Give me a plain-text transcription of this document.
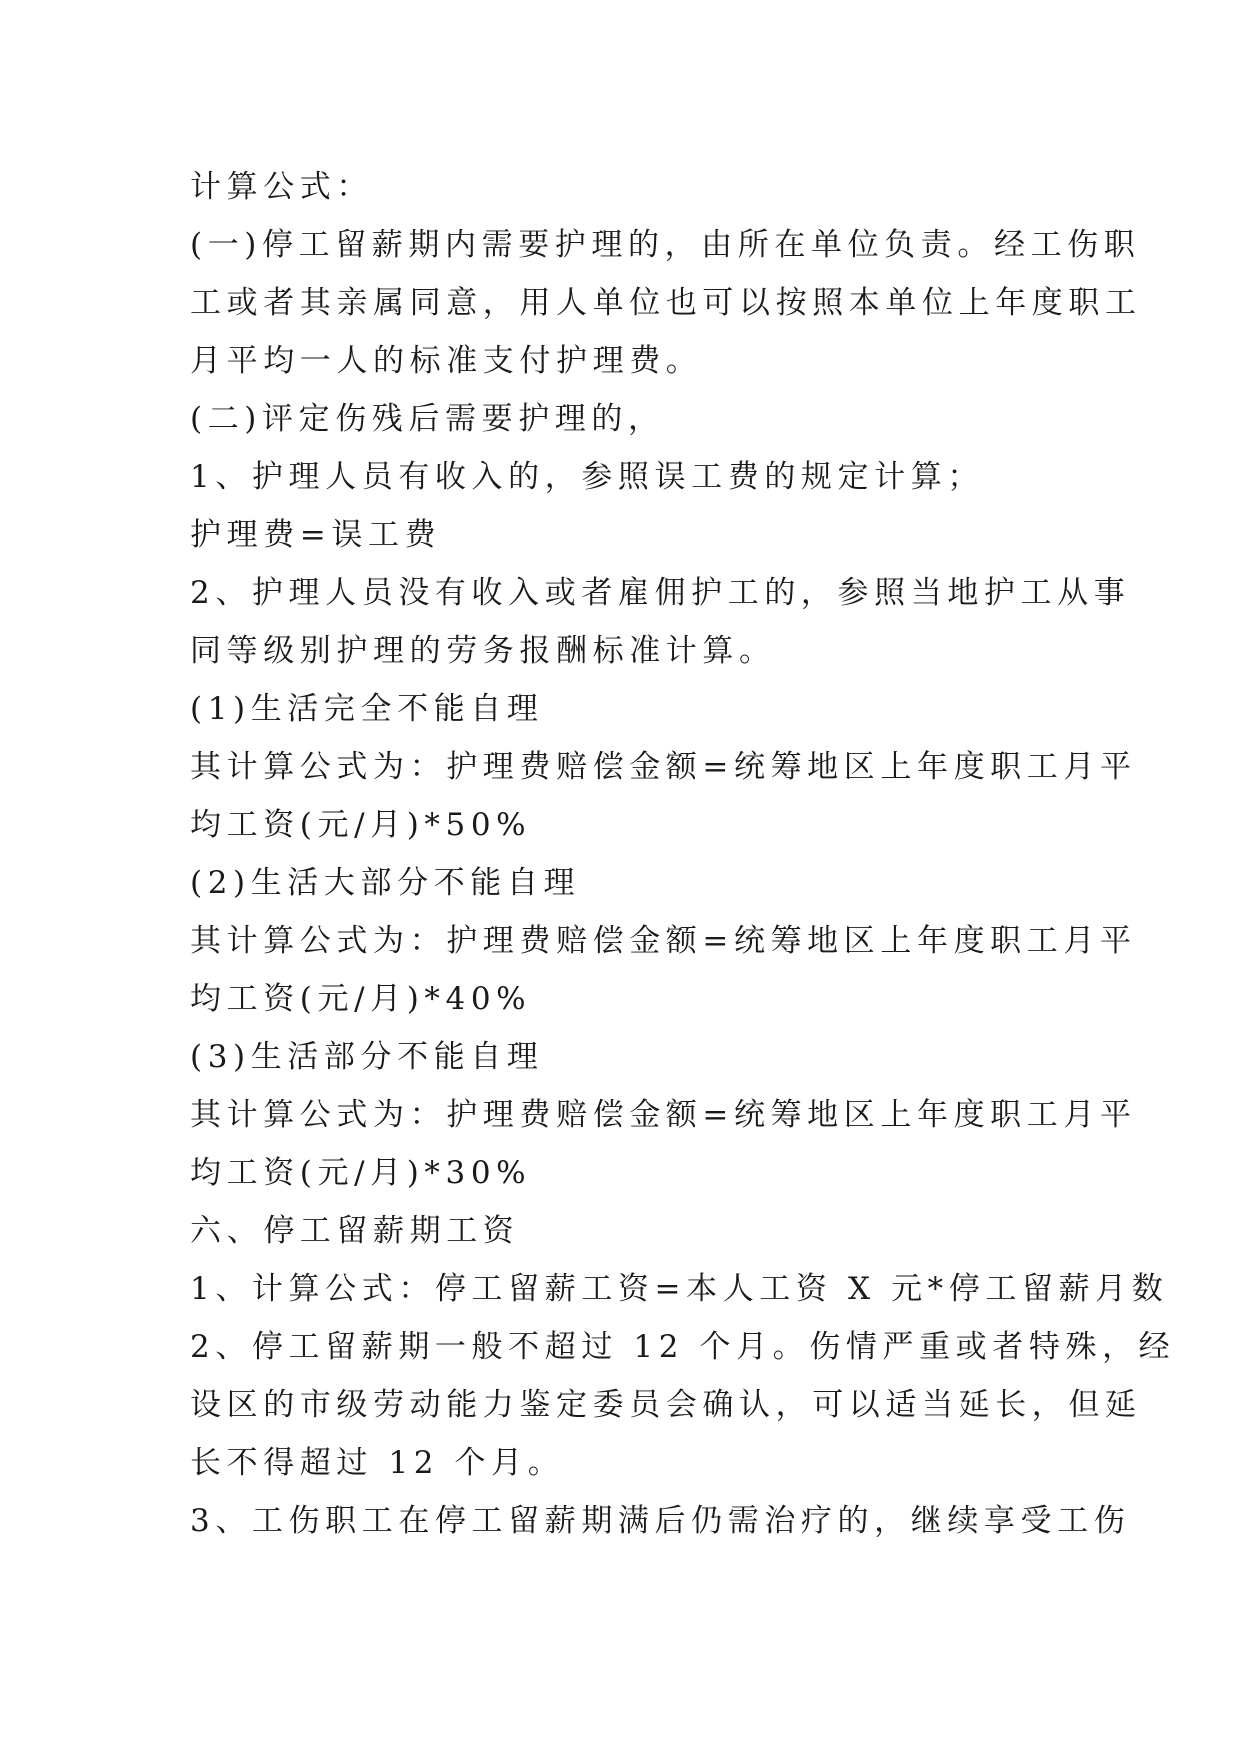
计算公式：
(一)停工留薪期内需要护理的，由所在单位负责。经工伤职
工或者其亲属同意，用人单位也可以按照本单位上年度职工
月平均一人的标准支付护理费。
(二)评定伤残后需要护理的，
1、护理人员有收入的，参照误工费的规定计算；
护理费=误工费
2、护理人员没有收入或者雇佣护工的，参照当地护工从事
同等级别护理的劳务报酬标准计算。
(1)生活完全不能自理
其计算公式为：护理费赔偿金额=统筹地区上年度职工月平
均工资(元/月)*50%
(2)生活大部分不能自理
其计算公式为：护理费赔偿金额=统筹地区上年度职工月平
均工资(元/月)*40%
(3)生活部分不能自理
其计算公式为：护理费赔偿金额=统筹地区上年度职工月平
均工资(元/月)*30%
六、停工留薪期工资
1、计算公式：停工留薪工资=本人工资 X 元*停工留薪月数
2、停工留薪期一般不超过 12 个月。伤情严重或者特殊，经
设区的市级劳动能力鉴定委员会确认，可以适当延长，但延
长不得超过 12 个月。
3、工伤职工在停工留薪期满后仍需治疗的，继续享受工伤
